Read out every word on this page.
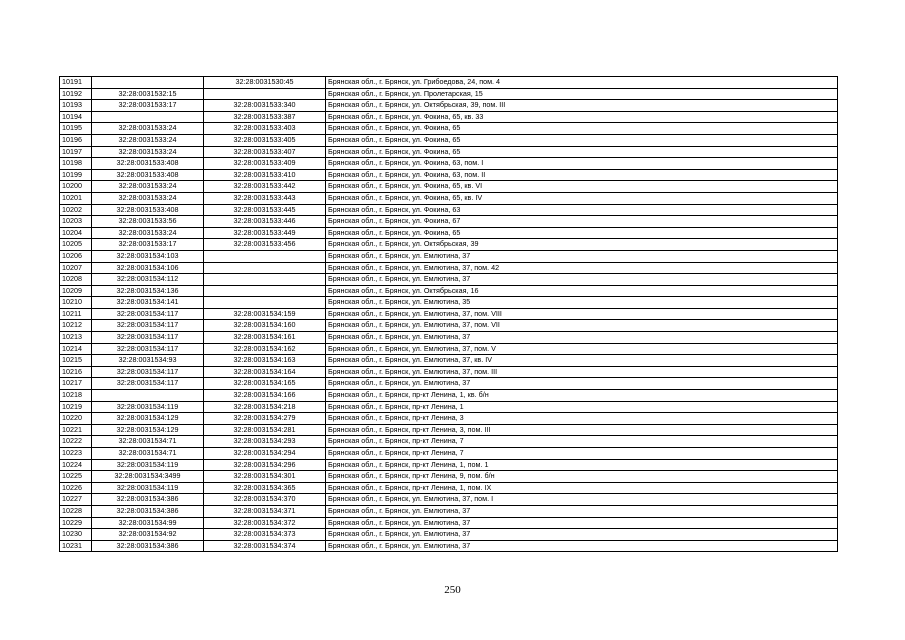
10191		32:28:0031530:45	Брянская обл., г. Брянск, ул. Грибоедова, 24, пом. 4
10192	32:28:0031532:15		Брянская обл., г. Брянск, ул. Пролетарская, 15
10193	32:28:0031533:17	32:28:0031533:340	Брянская обл., г. Брянск, ул. Октябрьская, 39, пом. III
10194		32:28:0031533:387	Брянская обл., г. Брянск, ул. Фокина, 65, кв. 33
10195	32:28:0031533:24	32:28:0031533:403	Брянская обл., г. Брянск, ул. Фокина, 65
10196	32:28:0031533:24	32:28:0031533:405	Брянская обл., г. Брянск, ул. Фокина, 65
10197	32:28:0031533:24	32:28:0031533:407	Брянская обл., г. Брянск, ул. Фокина, 65
10198	32:28:0031533:408	32:28:0031533:409	Брянская обл., г. Брянск, ул. Фокина, 63, пом. I
10199	32:28:0031533:408	32:28:0031533:410	Брянская обл., г. Брянск, ул. Фокина, 63, пом. II
10200	32:28:0031533:24	32:28:0031533:442	Брянская обл., г. Брянск, ул. Фокина, 65, кв. VI
10201	32:28:0031533:24	32:28:0031533:443	Брянская обл., г. Брянск, ул. Фокина, 65, кв. IV
10202	32:28:0031533:408	32:28:0031533:445	Брянская обл., г. Брянск, ул. Фокина, 63
10203	32:28:0031533:56	32:28:0031533:446	Брянская обл., г. Брянск, ул. Фокина, 67
10204	32:28:0031533:24	32:28:0031533:449	Брянская обл., г. Брянск, ул. Фокина, 65
10205	32:28:0031533:17	32:28:0031533:456	Брянская обл., г. Брянск, ул. Октябрьская, 39
10206	32:28:0031534:103		Брянская обл., г. Брянск, ул. Емлютина, 37
10207	32:28:0031534:106		Брянская обл., г. Брянск, ул. Емлютина, 37, пом. 42
10208	32:28:0031534:112		Брянская обл., г. Брянск, ул. Емлютина, 37
10209	32:28:0031534:136		Брянская обл., г. Брянск, ул. Октябрьская, 16
10210	32:28:0031534:141		Брянская обл., г. Брянск, ул. Емлютина, 35
10211	32:28:0031534:117	32:28:0031534:159	Брянская обл., г. Брянск, ул. Емлютина, 37, пом. VIII
10212	32:28:0031534:117	32:28:0031534:160	Брянская обл., г. Брянск, ул. Емлютина, 37, пом. VII
10213	32:28:0031534:117	32:28:0031534:161	Брянская обл., г. Брянск, ул. Емлютина, 37
10214	32:28:0031534:117	32:28:0031534:162	Брянская обл., г. Брянск, ул. Емлютина, 37, пом. V
10215	32:28:0031534:93	32:28:0031534:163	Брянская обл., г. Брянск, ул. Емлютина, 37, кв. IV
10216	32:28:0031534:117	32:28:0031534:164	Брянская обл., г. Брянск, ул. Емлютина, 37, пом. III
10217	32:28:0031534:117	32:28:0031534:165	Брянская обл., г. Брянск, ул. Емлютина, 37
10218		32:28:0031534:166	Брянская обл., г. Брянск, пр-кт Ленина, 1, кв. б/н
10219	32:28:0031534:119	32:28:0031534:218	Брянская обл., г. Брянск, пр-кт Ленина, 1
10220	32:28:0031534:129	32:28:0031534:279	Брянская обл., г. Брянск, пр-кт Ленина, 3
10221	32:28:0031534:129	32:28:0031534:281	Брянская обл., г. Брянск, пр-кт Ленина, 3, пом. III
10222	32:28:0031534:71	32:28:0031534:293	Брянская обл., г. Брянск, пр-кт Ленина, 7
10223	32:28:0031534:71	32:28:0031534:294	Брянская обл., г. Брянск, пр-кт Ленина, 7
10224	32:28:0031534:119	32:28:0031534:296	Брянская обл., г. Брянск, пр-кт Ленина, 1, пом. 1
10225	32:28:0031534:3499	32:28:0031534:301	Брянская обл., г. Брянск, пр-кт Ленина, 9, пом. б/н
10226	32:28:0031534:119	32:28:0031534:365	Брянская обл., г. Брянск, пр-кт Ленина, 1, пом. IX
10227	32:28:0031534:386	32:28:0031534:370	Брянская обл., г. Брянск, ул. Емлютина, 37, пом. I
10228	32:28:0031534:386	32:28:0031534:371	Брянская обл., г. Брянск, ул. Емлютина, 37
10229	32:28:0031534:99	32:28:0031534:372	Брянская обл., г. Брянск, ул. Емлютина, 37
10230	32:28:0031534:92	32:28:0031534:373	Брянская обл., г. Брянск, ул. Емлютина, 37
10231	32:28:0031534:386	32:28:0031534:374	Брянская обл., г. Брянск, ул. Емлютина, 37
250
